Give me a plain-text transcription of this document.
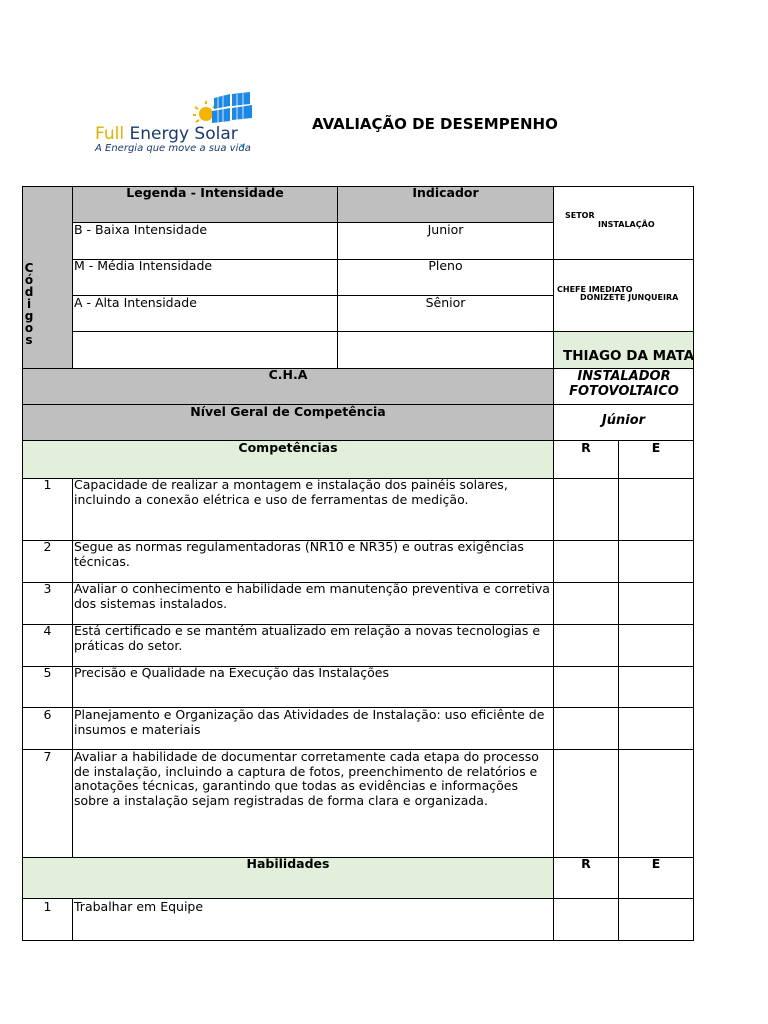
Full Energy Solar
A Energia que move a sua vida
AVALIAÇÃO DE DESEMPENHO
Códigos
Legenda - Intensidade	Indicador
B - Baixa Intensidade	Junior
M - Média Intensidade	Pleno
A - Alta Intensidade	Sênior
SETOR
INSTALAÇÃO
CHEFE IMEDIATO
DONIZETE JUNQUEIRA
THIAGO DA MATA
C.H.A	INSTALADOR FOTOVOLTAICO
Nível Geral de Competência
Júnior
Competências	R	E
1	Capacidade de realizar a montagem e instalação dos painéis solares, incluindo a conexão elétrica e uso de ferramentas de medição.
2	Segue as normas regulamentadoras (NR10 e NR35) e outras exigências técnicas.
3	Avaliar o conhecimento e habilidade em manutenção preventiva e corretiva dos sistemas instalados.
4	Está certificado e se mantém atualizado em relação a novas tecnologias e práticas do setor.
5	Precisão e Qualidade na Execução das Instalações
6	Planejamento e Organização das Atividades de Instalação: uso eficiênte de insumos e materiais
7	Avaliar a habilidade de documentar corretamente cada etapa do processo de instalação, incluindo a captura de fotos, preenchimento de relatórios e anotações técnicas, garantindo que todas as evidências e informações sobre a instalação sejam registradas de forma clara e organizada.
Habilidades	R	E
1	Trabalhar em Equipe
